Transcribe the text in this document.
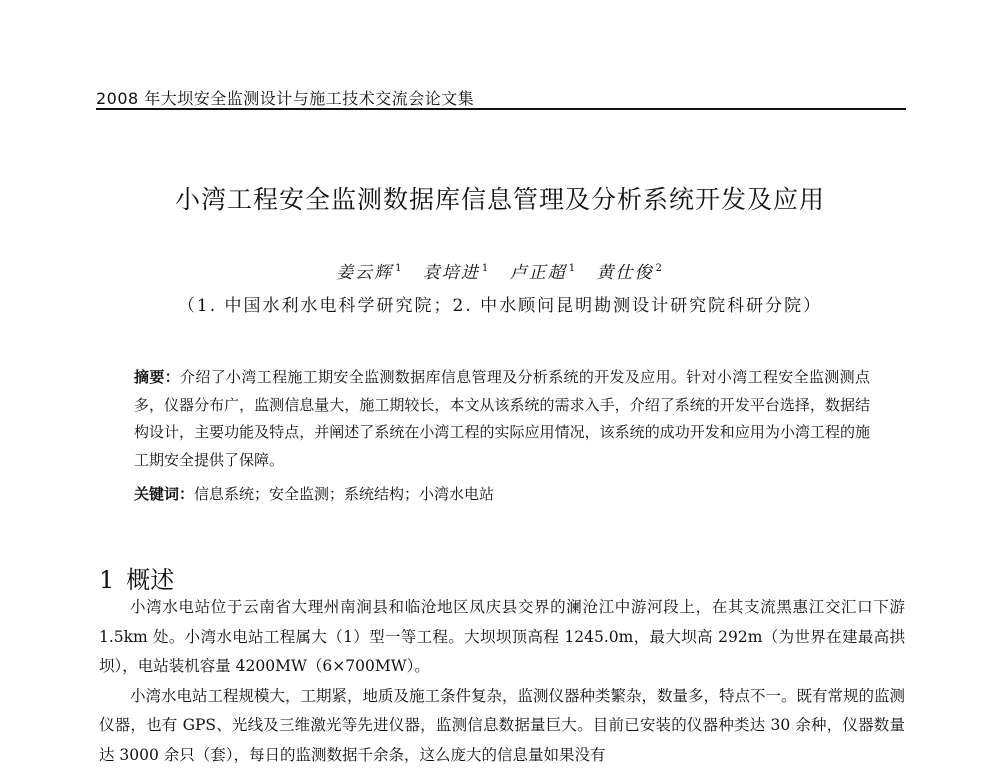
2008 年大坝安全监测设计与施工技术交流会论文集
小湾工程安全监测数据库信息管理及分析系统开发及应用
姜云辉 $^1$ 袁培进 $^1$ 卢正超 $^1$ 黄仕俊 $^2$
（1. 中国水利水电科学研究院；2. 中水顾问昆明勘测设计研究院科研分院）
摘要：介绍了小湾工程施工期安全监测数据库信息管理及分析系统的开发及应用。针对小湾工程安全监测测点多，仪器分布广，监测信息量大，施工期较长，本文从该系统的需求入手，介绍了系统的开发平台选择，数据结构设计，主要功能及特点，并阐述了系统在小湾工程的实际应用情况，该系统的成功开发和应用为小湾工程的施工期安全提供了保障。
关键词：信息系统；安全监测；系统结构；小湾水电站
1 概述

小湾水电站位于云南省大理州南涧县和临沧地区凤庆县交界的澜沧江中游河段上，在其支流黑惠江交汇口下游 1.5km 处。小湾水电站工程属大（1）型一等工程。大坝坝顶高程 1245.0m，最大坝高 292m（为世界在建最高拱坝），电站装机容量 4200MW（6×700MW）。

小湾水电站工程规模大，工期紧，地质及施工条件复杂，监测仪器种类繁杂，数量多，特点不一。既有常规的监测仪器，也有 GPS、光线及三维激光等先进仪器，监测信息数据量巨大。目前已安装的仪器种类达 30 余种，仪器数量达 3000 余只（套），每日的监测数据千余条，这么庞大的信息量如果没有
